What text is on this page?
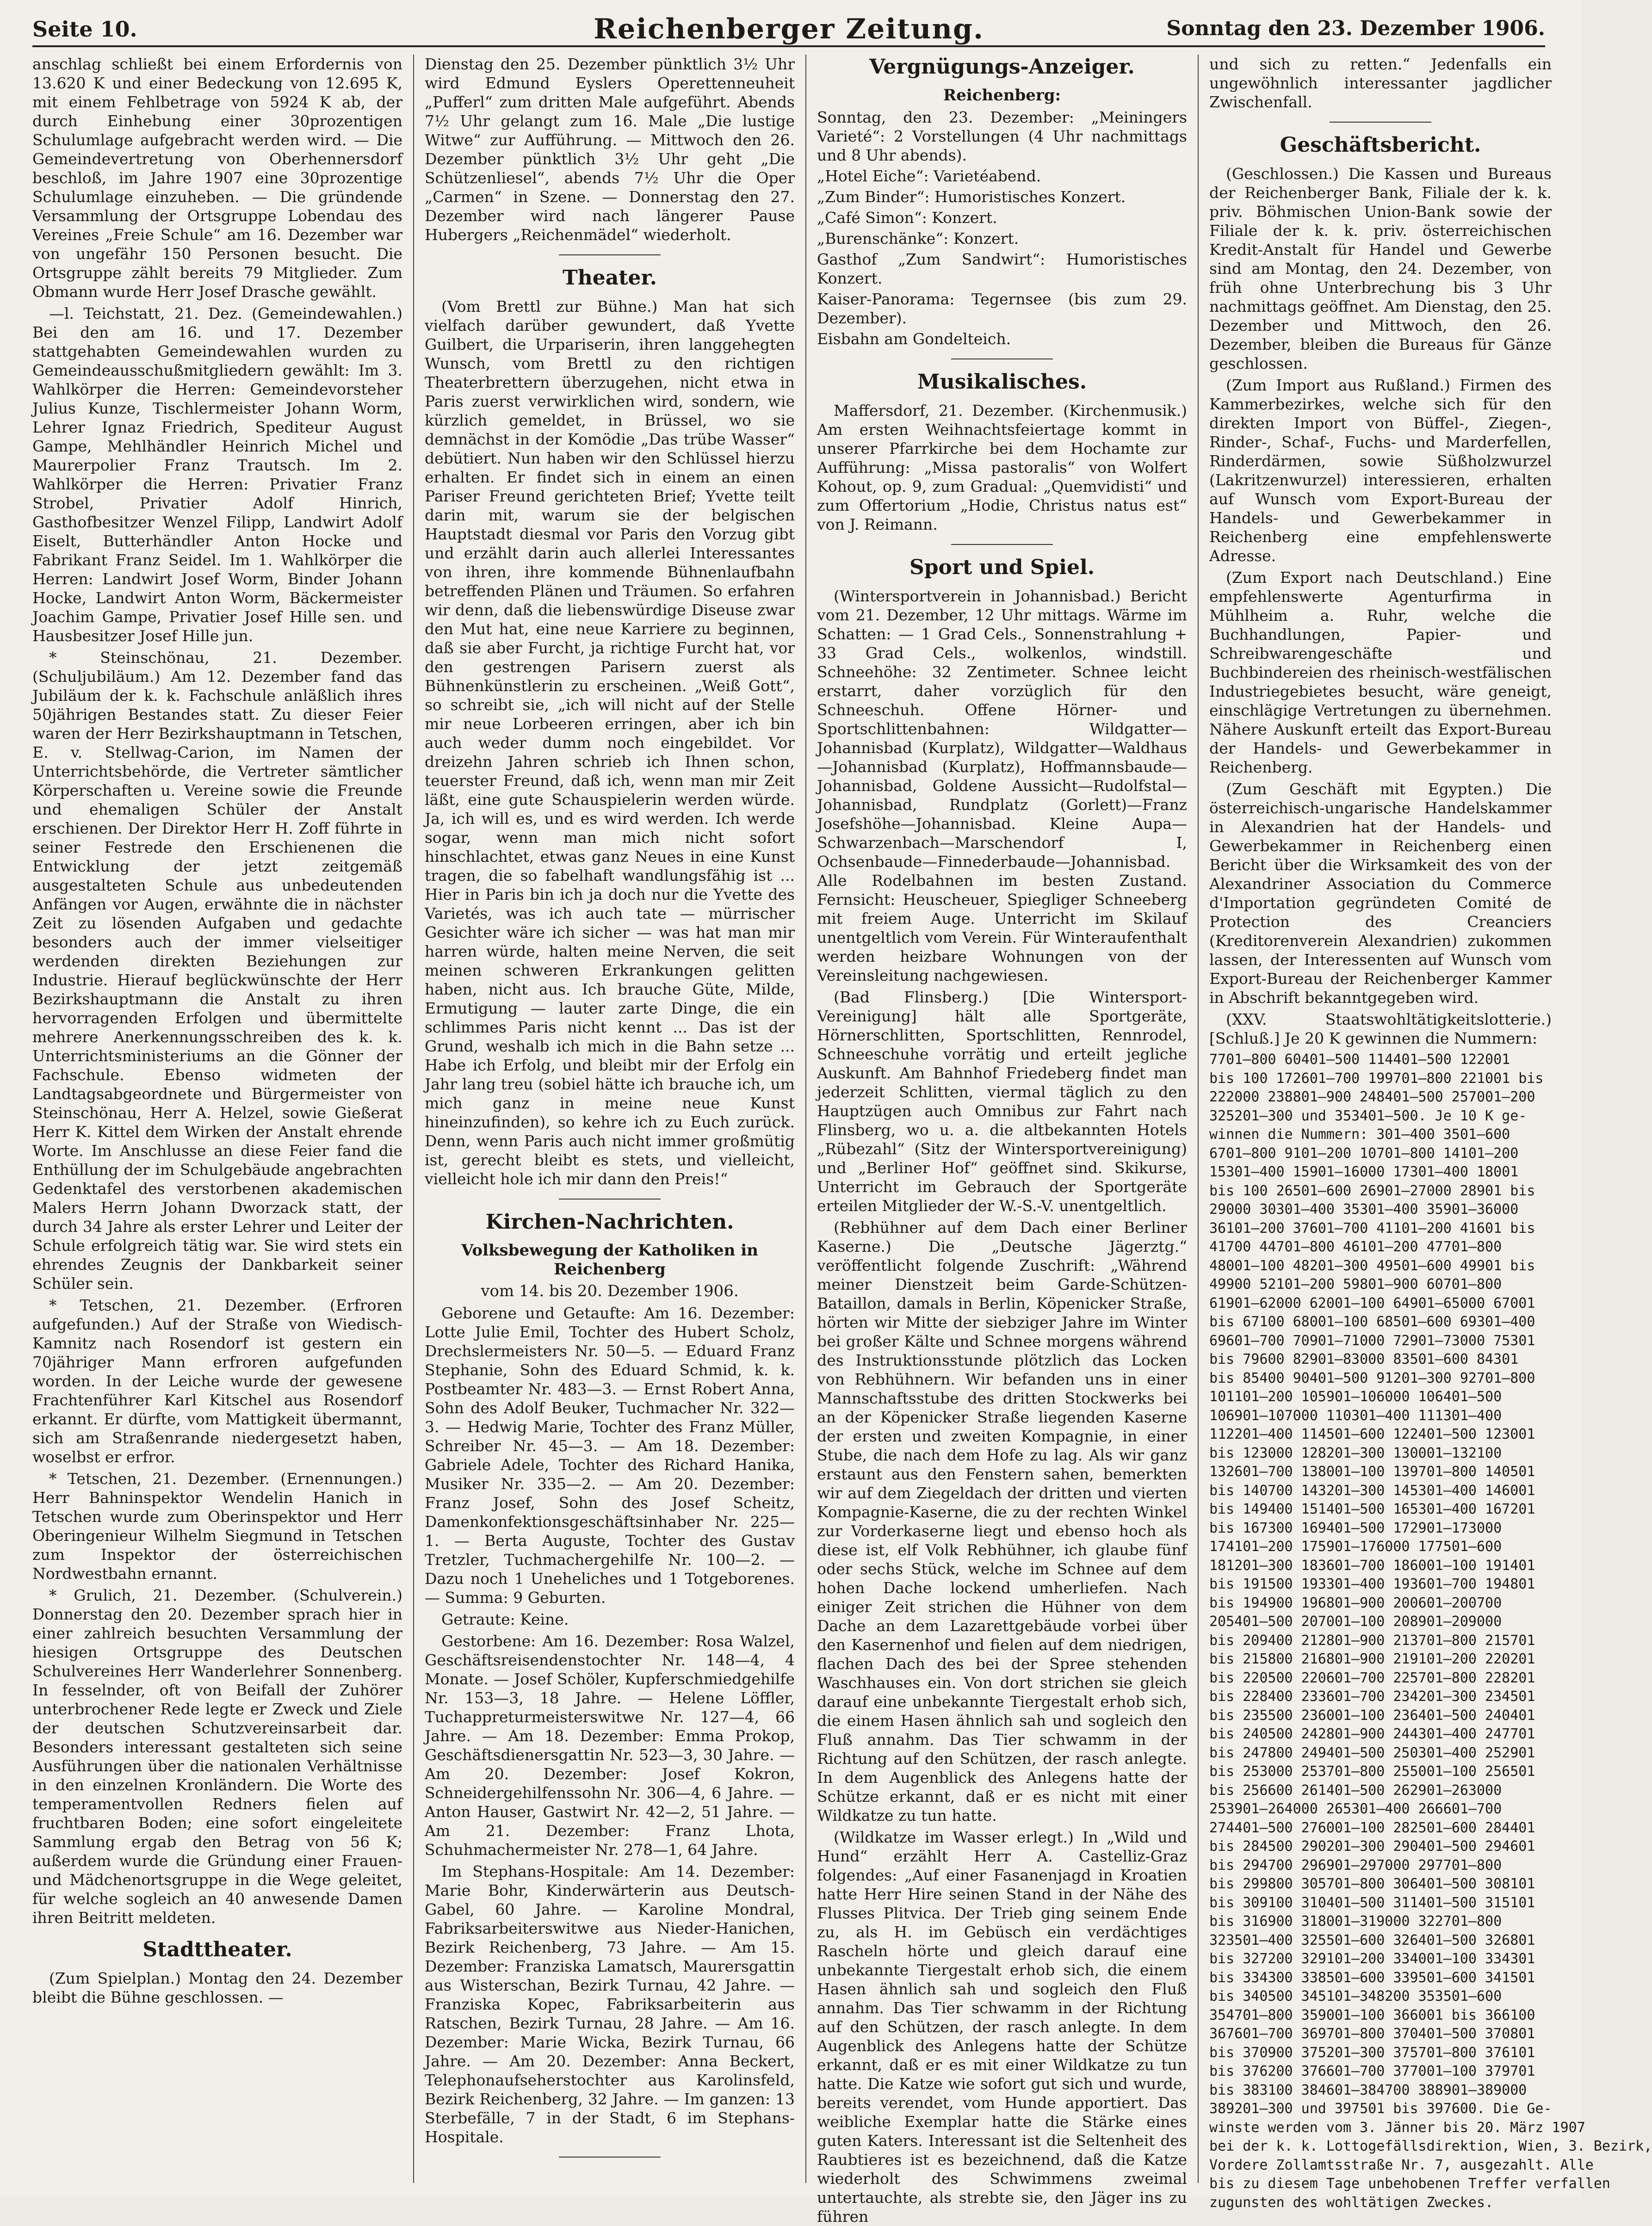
Seite 10.	Reichenberger Zeitung.	Sonntag den 23. Dezember 1906.

anschlag schließt bei einem Erfordernis von 13.620 K und einer Bedeckung von 12.695 K, mit einem Fehlbetrage von 5924 K ab, der durch Einhebung einer 30prozentigen Schulumlage aufgebracht werden wird. — Die Gemeindevertretung von Oberhennersdorf beschloß, im Jahre 1907 eine 30prozentige Schulumlage einzuheben. — Die gründende Versammlung der Ortsgruppe Lobendau des Vereines „Freie Schule“ am 16. Dezember war von ungefähr 150 Personen besucht. Die Ortsgruppe zählt bereits 79 Mitglieder. Zum Obmann wurde Herr Josef Drasche gewählt.

—l. Teichstatt, 21. Dez. (Gemeindewahlen.) Bei den am 16. und 17. Dezember stattgehabten Gemeindewahlen wurden zu Gemeindeausschußmitgliedern gewählt: Im 3. Wahlkörper die Herren: Gemeindevorsteher Julius Kunze, Tischlermeister Johann Worm, Lehrer Ignaz Friedrich, Spediteur August Gampe, Mehlhändler Heinrich Michel und Maurerpolier Franz Trautsch. Im 2. Wahlkörper die Herren: Privatier Franz Strobel, Privatier Adolf Hinrich, Gasthofbesitzer Wenzel Filipp, Landwirt Adolf Eiselt, Butterhändler Anton Hocke und Fabrikant Franz Seidel. Im 1. Wahlkörper die Herren: Landwirt Josef Worm, Binder Johann Hocke, Landwirt Anton Worm, Bäckermeister Joachim Gampe, Privatier Josef Hille sen. und Hausbesitzer Josef Hille jun.

* Steinschönau, 21. Dezember. (Schuljubiläum.) Am 12. Dezember fand das Jubiläum der k. k. Fachschule anläßlich ihres 50jährigen Bestandes statt. Zu dieser Feier waren der Herr Bezirkshauptmann in Tetschen, E. v. Stellwag-Carion, im Namen der Unterrichtsbehörde, die Vertreter sämtlicher Körperschaften u. Vereine sowie die Freunde und ehemaligen Schüler der Anstalt erschienen. Der Direktor Herr H. Zoff führte in seiner Festrede den Erschienenen die Entwicklung der jetzt zeitgemäß ausgestalteten Schule aus unbedeutenden Anfängen vor Augen, erwähnte die in nächster Zeit zu lösenden Aufgaben und gedachte besonders auch der immer vielseitiger werdenden direkten Beziehungen zur Industrie. Hierauf beglückwünschte der Herr Bezirkshauptmann die Anstalt zu ihren hervorragenden Erfolgen und übermittelte mehrere Anerkennungsschreiben des k. k. Unterrichtsministeriums an die Gönner der Fachschule. Ebenso widmeten der Landtagsabgeordnete und Bürgermeister von Steinschönau, Herr A. Helzel, sowie Gießerat Herr K. Kittel dem Wirken der Anstalt ehrende Worte. Im Anschlusse an diese Feier fand die Enthüllung der im Schulgebäude angebrachten Gedenktafel des verstorbenen akademischen Malers Herrn Johann Dworzack statt, der durch 34 Jahre als erster Lehrer und Leiter der Schule erfolgreich tätig war. Sie wird stets ein ehrendes Zeugnis der Dankbarkeit seiner Schüler sein.

* Tetschen, 21. Dezember. (Erfroren aufgefunden.) Auf der Straße von Wiedisch-Kamnitz nach Rosendorf ist gestern ein 70jähriger Mann erfroren aufgefunden worden. In der Leiche wurde der gewesene Frachtenführer Karl Kitschel aus Rosendorf erkannt. Er dürfte, vom Mattigkeit übermannt, sich am Straßenrande niedergesetzt haben, woselbst er erfror.

* Tetschen, 21. Dezember. (Ernennungen.) Herr Bahninspektor Wendelin Hanich in Tetschen wurde zum Oberinspektor und Herr Oberingenieur Wilhelm Siegmund in Tetschen zum Inspektor der österreichischen Nordwestbahn ernannt.

* Grulich, 21. Dezember. (Schulverein.) Donnerstag den 20. Dezember sprach hier in einer zahlreich besuchten Versammlung der hiesigen Ortsgruppe des Deutschen Schulvereines Herr Wanderlehrer Sonnenberg. In fesselnder, oft von Beifall der Zuhörer unterbrochener Rede legte er Zweck und Ziele der deutschen Schutzvereinsarbeit dar. Besonders interessant gestalteten sich seine Ausführungen über die nationalen Verhältnisse in den einzelnen Kronländern. Die Worte des temperamentvollen Redners fielen auf fruchtbaren Boden; eine sofort eingeleitete Sammlung ergab den Betrag von 56 K; außerdem wurde die Gründung einer Frauen- und Mädchenortsgruppe in die Wege geleitet, für welche sogleich an 40 anwesende Damen ihren Beitritt meldeten.

Stadttheater.

(Zum Spielplan.) Montag den 24. Dezember bleibt die Bühne geschlossen. —

Dienstag den 25. Dezember pünktlich 3½ Uhr wird Edmund Eyslers Operettenneuheit „Pufferl“ zum dritten Male aufgeführt. Abends 7½ Uhr gelangt zum 16. Male „Die lustige Witwe“ zur Aufführung. — Mittwoch den 26. Dezember pünktlich 3½ Uhr geht „Die Schützenliesel“, abends 7½ Uhr die Oper „Carmen“ in Szene. — Donnerstag den 27. Dezember wird nach längerer Pause Hubergers „Reichenmädel“ wiederholt.

Theater.

(Vom Brettl zur Bühne.) Man hat sich vielfach darüber gewundert, daß Yvette Guilbert, die Urpariserin, ihren langgehegten Wunsch, vom Brettl zu den richtigen Theaterbrettern überzugehen, nicht etwa in Paris zuerst verwirklichen wird, sondern, wie kürzlich gemeldet, in Brüssel, wo sie demnächst in der Komödie „Das trübe Wasser“ debütiert. Nun haben wir den Schlüssel hierzu erhalten. Er findet sich in einem an einen Pariser Freund gerichteten Brief; Yvette teilt darin mit, warum sie der belgischen Hauptstadt diesmal vor Paris den Vorzug gibt und erzählt darin auch allerlei Interessantes von ihren, ihre kommende Bühnenlaufbahn betreffenden Plänen und Träumen. So erfahren wir denn, daß die liebenswürdige Diseuse zwar den Mut hat, eine neue Karriere zu beginnen, daß sie aber Furcht, ja richtige Furcht hat, vor den gestrengen Parisern zuerst als Bühnenkünstlerin zu erscheinen. „Weiß Gott“, so schreibt sie, „ich will nicht auf der Stelle mir neue Lorbeeren erringen, aber ich bin auch weder dumm noch eingebildet. Vor dreizehn Jahren schrieb ich Ihnen schon, teuerster Freund, daß ich, wenn man mir Zeit läßt, eine gute Schauspielerin werden würde. Ja, ich will es, und es wird werden. Ich werde sogar, wenn man mich nicht sofort hinschlachtet, etwas ganz Neues in eine Kunst tragen, die so fabelhaft wandlungsfähig ist ... Hier in Paris bin ich ja doch nur die Yvette des Varietés, was ich auch tate — mürrischer Gesichter wäre ich sicher — was hat man mir harren würde, halten meine Nerven, die seit meinen schweren Erkrankungen gelitten haben, nicht aus. Ich brauche Güte, Milde, Ermutigung — lauter zarte Dinge, die ein schlimmes Paris nicht kennt ... Das ist der Grund, weshalb ich mich in die Bahn setze ... Habe ich Erfolg, und bleibt mir der Erfolg ein Jahr lang treu (sobiel hätte ich brauche ich, um mich ganz in meine neue Kunst hineinzufinden), so kehre ich zu Euch zurück. Denn, wenn Paris auch nicht immer großmütig ist, gerecht bleibt es stets, und vielleicht, vielleicht hole ich mir dann den Preis!“

Kirchen-Nachrichten.
Volksbewegung der Katholiken in Reichenberg
vom 14. bis 20. Dezember 1906.

Geborene und Getaufte: Am 16. Dezember: Lotte Julie Emil, Tochter des Hubert Scholz, Drechslermeisters Nr. 50—5. — Eduard Franz Stephanie, Sohn des Eduard Schmid, k. k. Postbeamter Nr. 483—3. — Ernst Robert Anna, Sohn des Adolf Beuker, Tuchmacher Nr. 322—3. — Hedwig Marie, Tochter des Franz Müller, Schreiber Nr. 45—3. — Am 18. Dezember: Gabriele Adele, Tochter des Richard Hanika, Musiker Nr. 335—2. — Am 20. Dezember: Franz Josef, Sohn des Josef Scheitz, Damenkonfektionsgeschäftsinhaber Nr. 225—1. — Berta Auguste, Tochter des Gustav Tretzler, Tuchmachergehilfe Nr. 100—2. — Dazu noch 1 Uneheliches und 1 Totgeborenes. — Summa: 9 Geburten.

Getraute: Keine.

Gestorbene: Am 16. Dezember: Rosa Walzel, Geschäftsreisendenstochter Nr. 148—4, 4 Monate. — Josef Schöler, Kupferschmiedgehilfe Nr. 153—3, 18 Jahre. — Helene Löffler, Tuchappreturmeisterswitwe Nr. 127—4, 66 Jahre. — Am 18. Dezember: Emma Prokop, Geschäftsdienersgattin Nr. 523—3, 30 Jahre. — Am 20. Dezember: Josef Kokron, Schneidergehilfenssohn Nr. 306—4, 6 Jahre. — Anton Hauser, Gastwirt Nr. 42—2, 51 Jahre. — Am 21. Dezember: Franz Lhota, Schuhmachermeister Nr. 278—1, 64 Jahre.

Im Stephans-Hospitale: Am 14. Dezember: Marie Bohr, Kinderwärterin aus Deutsch-Gabel, 60 Jahre. — Karoline Mondral, Fabriksarbeiterswitwe aus Nieder-Hanichen, Bezirk Reichenberg, 73 Jahre. — Am 15. Dezember: Franziska Lamatsch, Maurersgattin aus Wisterschan, Bezirk Turnau, 42 Jahre. — Franziska Kopec, Fabriksarbeiterin aus Ratschen, Bezirk Turnau, 28 Jahre. — Am 16. Dezember: Marie Wicka, Bezirk Turnau, 66 Jahre. — Am 20. Dezember: Anna Beckert, Telephonaufseherstochter aus Karolinsfeld, Bezirk Reichenberg, 32 Jahre. — Im ganzen: 13 Sterbefälle, 7 in der Stadt, 6 im Stephans-Hospitale.

Vergnügungs-Anzeiger.
Reichenberg:

Sonntag, den 23. Dezember: „Meiningers Varieté“: 2 Vorstellungen (4 Uhr nachmittags und 8 Uhr abends).

„Hotel Eiche“: Varietéabend.

„Zum Binder“: Humoristisches Konzert.

„Café Simon“: Konzert.

„Burenschänke“: Konzert.

Gasthof „Zum Sandwirt“: Humoristisches Konzert.

Kaiser-Panorama: Tegernsee (bis zum 29. Dezember).

Eisbahn am Gondelteich.

Musikalisches.

Maffersdorf, 21. Dezember. (Kirchenmusik.) Am ersten Weihnachtsfeiertage kommt in unserer Pfarrkirche bei dem Hochamte zur Aufführung: „Missa pastoralis“ von Wolfert Kohout, op. 9, zum Gradual: „Quemvidisti“ und zum Offertorium „Hodie, Christus natus est“ von J. Reimann.

Sport und Spiel.

(Wintersportverein in Johannisbad.) Bericht vom 21. Dezember, 12 Uhr mittags. Wärme im Schatten: — 1 Grad Cels., Sonnenstrahlung + 33 Grad Cels., wolkenlos, windstill. Schneehöhe: 32 Zentimeter. Schnee leicht erstarrt, daher vorzüglich für den Schneeschuh. Offene Hörner- und Sportschlittenbahnen: Wildgatter—Johannisbad (Kurplatz), Wildgatter—Waldhaus—Johannisbad (Kurplatz), Hoffmannsbaude—Johannisbad, Goldene Aussicht—Rudolfstal—Johannisbad, Rundplatz (Gorlett)—Franz Josefshöhe—Johannisbad. Kleine Aupa—Schwarzenbach—Marschendorf I, Ochsenbaude—Finnederbaude—Johannisbad. Alle Rodelbahnen im besten Zustand. Fernsicht: Heuscheuer, Spiegliger Schneeberg mit freiem Auge. Unterricht im Skilauf unentgeltlich vom Verein. Für Winteraufenthalt werden heizbare Wohnungen von der Vereinsleitung nachgewiesen.

(Bad Flinsberg.) [Die Wintersport-Vereinigung] hält alle Sportgeräte, Hörnerschlitten, Sportschlitten, Rennrodel, Schneeschuhe vorrätig und erteilt jegliche Auskunft. Am Bahnhof Friedeberg findet man jederzeit Schlitten, viermal täglich zu den Hauptzügen auch Omnibus zur Fahrt nach Flinsberg, wo u. a. die altbekannten Hotels „Rübezahl“ (Sitz der Wintersportvereinigung) und „Berliner Hof“ geöffnet sind. Skikurse, Unterricht im Gebrauch der Sportgeräte erteilen Mitglieder der W.-S.-V. unentgeltlich.

(Rebhühner auf dem Dach einer Berliner Kaserne.) Die „Deutsche Jägerztg.“ veröffentlicht folgende Zuschrift: „Während meiner Dienstzeit beim Garde-Schützen-Bataillon, damals in Berlin, Köpenicker Straße, hörten wir Mitte der siebziger Jahre im Winter bei großer Kälte und Schnee morgens während des Instruktionsstunde plötzlich das Locken von Rebhühnern. Wir befanden uns in einer Mannschaftsstube des dritten Stockwerks bei an der Köpenicker Straße liegenden Kaserne der ersten und zweiten Kompagnie, in einer Stube, die nach dem Hofe zu lag. Als wir ganz erstaunt aus den Fenstern sahen, bemerkten wir auf dem Ziegeldach der dritten und vierten Kompagnie-Kaserne, die zu der rechten Winkel zur Vorderkaserne liegt und ebenso hoch als diese ist, elf Volk Rebhühner, ich glaube fünf oder sechs Stück, welche im Schnee auf dem hohen Dache lockend umherliefen. Nach einiger Zeit strichen die Hühner von dem Dache an dem Lazarettgebäude vorbei über den Kasernenhof und fielen auf dem niedrigen, flachen Dach des bei der Spree stehenden Waschhauses ein. Von dort strichen sie gleich darauf eine unbekannte Tiergestalt erhob sich, die einem Hasen ähnlich sah und sogleich den Fluß annahm. Das Tier schwamm in der Richtung auf den Schützen, der rasch anlegte. In dem Augenblick des Anlegens hatte der Schütze erkannt, daß er es nicht mit einer Wildkatze zu tun hatte.

(Wildkatze im Wasser erlegt.) In „Wild und Hund“ erzählt Herr A. Castelliz-Graz folgendes: „Auf einer Fasanenjagd in Kroatien hatte Herr Hire seinen Stand in der Nähe des Flusses Plitvica. Der Trieb ging seinem Ende zu, als H. im Gebüsch ein verdächtiges Rascheln hörte und gleich darauf eine unbekannte Tiergestalt erhob sich, die einem Hasen ähnlich sah und sogleich den Fluß annahm. Das Tier schwamm in der Richtung auf den Schützen, der rasch anlegte. In dem Augenblick des Anlegens hatte der Schütze erkannt, daß er es mit einer Wildkatze zu tun hatte. Die Katze wie sofort gut sich und wurde, bereits verendet, vom Hunde apportiert. Das weibliche Exemplar hatte die Stärke eines guten Katers. Interessant ist die Seltenheit des Raubtieres ist es bezeichnend, daß die Katze wiederholt des Schwimmens zweimal untertauchte, als strebte sie, den Jäger ins zu führen

und sich zu retten.“ Jedenfalls ein ungewöhnlich interessanter jagdlicher Zwischenfall.

Geschäftsbericht.

(Geschlossen.) Die Kassen und Bureaus der Reichenberger Bank, Filiale der k. k. priv. Böhmischen Union-Bank sowie der Filiale der k. k. priv. österreichischen Kredit-Anstalt für Handel und Gewerbe sind am Montag, den 24. Dezember, von früh ohne Unterbrechung bis 3 Uhr nachmittags geöffnet. Am Dienstag, den 25. Dezember und Mittwoch, den 26. Dezember, bleiben die Bureaus für Gänze geschlossen.

(Zum Import aus Rußland.) Firmen des Kammerbezirkes, welche sich für den direkten Import von Büffel-, Ziegen-, Rinder-, Schaf-, Fuchs- und Marderfellen, Rinderdärmen, sowie Süßholzwurzel (Lakritzenwurzel) interessieren, erhalten auf Wunsch vom Export-Bureau der Handels- und Gewerbekammer in Reichenberg eine empfehlenswerte Adresse.

(Zum Export nach Deutschland.) Eine empfehlenswerte Agenturfirma in Mühlheim a. Ruhr, welche die Buchhandlungen, Papier- und Schreibwarengeschäfte und Buchbindereien des rheinisch-westfälischen Industriegebietes besucht, wäre geneigt, einschlägige Vertretungen zu übernehmen. Nähere Auskunft erteilt das Export-Bureau der Handels- und Gewerbekammer in Reichenberg.

(Zum Geschäft mit Egypten.) Die österreichisch-ungarische Handelskammer in Alexandrien hat der Handels- und Gewerbekammer in Reichenberg einen Bericht über die Wirksamkeit des von der Alexandriner Association du Commerce d'Importation gegründeten Comité de Protection des Creanciers (Kreditorenverein Alexandrien) zukommen lassen, der Interessenten auf Wunsch vom Export-Bureau der Reichenberger Kammer in Abschrift bekanntgegeben wird.

(XXV. Staatswohltätigkeitslotterie.) [Schluß.] Je 20 K gewinnen die Nummern:

7701—800 60401—500 114401—500 122001
bis 100 172601—700 199701—800 221001 bis
222000 238801—900 248401—500 257001—200
325201—300 und 353401—500. Je 10 K ge-
winnen die Nummern: 301—400 3501—600
6701—800 9101—200 10701—800 14101—200
15301—400 15901—16000 17301—400 18001
bis 100 26501—600 26901—27000 28901 bis
29000 30301—400 35301—400 35901—36000
36101—200 37601—700 41101—200 41601 bis
41700 44701—800 46101—200 47701—800
48001—100 48201—300 49501—600 49901 bis
49900 52101—200 59801—900 60701—800
61901—62000 62001—100 64901—65000 67001
bis 67100 68001—100 68501—600 69301—400
69601—700 70901—71000 72901—73000 75301
bis 79600 82901—83000 83501—600 84301
bis 85400 90401—500 91201—300 92701—800
101101—200 105901—106000 106401—500
106901—107000 110301—400 111301—400
112201—400 114501—600 122401—500 123001
bis 123000 128201—300 130001—132100
132601—700 138001—100 139701—800 140501
bis 140700 143201—300 145301—400 146001
bis 149400 151401—500 165301—400 167201
bis 167300 169401—500 172901—173000
174101—200 175901—176000 177501—600
181201—300 183601—700 186001—100 191401
bis 191500 193301—400 193601—700 194801
bis 194900 196801—900 200601—200700
205401—500 207001—100 208901—209000
bis 209400 212801—900 213701—800 215701
bis 215800 216801—900 219101—200 220201
bis 220500 220601—700 225701—800 228201
bis 228400 233601—700 234201—300 234501
bis 235500 236001—100 236401—500 240401
bis 240500 242801—900 244301—400 247701
bis 247800 249401—500 250301—400 252901
bis 253000 253701—800 255001—100 256501
bis 256600 261401—500 262901—263000
253901—264000 265301—400 266601—700
274401—500 276001—100 282501—600 284401
bis 284500 290201—300 290401—500 294601
bis 294700 296901—297000 297701—800
bis 299800 305701—800 306401—500 308101
bis 309100 310401—500 311401—500 315101
bis 316900 318001—319000 322701—800
323501—400 325501—600 326401—500 326801
bis 327200 329101—200 334001—100 334301
bis 334300 338501—600 339501—600 341501
bis 340500 345101—348200 353501—600
354701—800 359001—100 366001 bis 366100
367601—700 369701—800 370401—500 370801
bis 370900 375201—300 375701—800 376101
bis 376200 376601—700 377001—100 379701
bis 383100 384601—384700 388901—389000
389201—300 und 397501 bis 397600. Die Ge-
winste werden vom 3. Jänner bis 20. März 1907
bei der k. k. Lottogefällsdirektion, Wien, 3. Bezirk,
Vordere Zollamtsstraße Nr. 7, ausgezahlt. Alle
bis zu diesem Tage unbehobenen Treffer verfallen
zugunsten des wohltätigen Zweckes.
